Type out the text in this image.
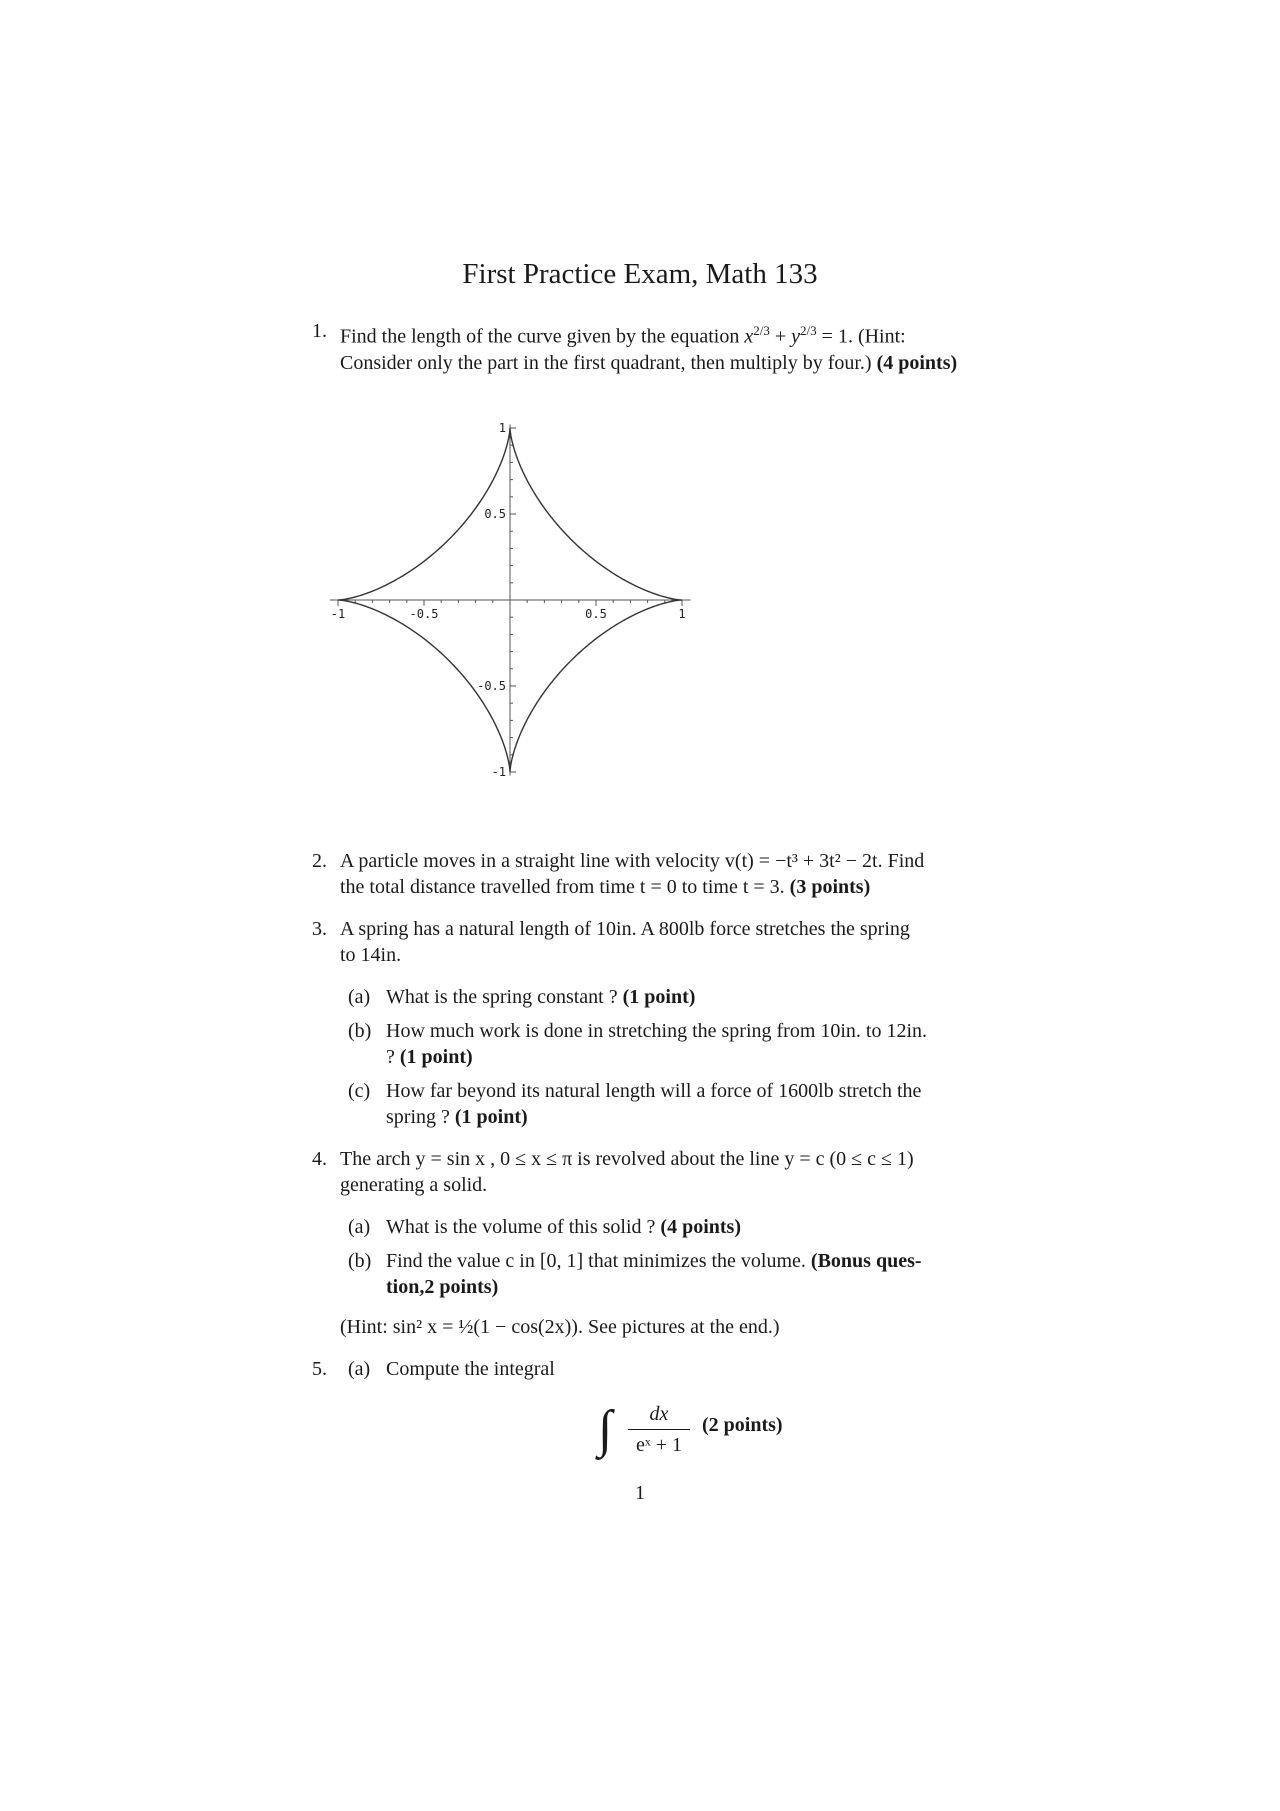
First Practice Exam, Math 133
1. Find the length of the curve given by the equation $x^{2/3} + y^{2/3} = 1$. (Hint:
Consider only the part in the first quadrant, then multiply by four.) (4 points)
-1	-0.5	0.5	1
1
0.5
-0.5
-1
2. A particle moves in a straight line with velocity v(t) = −t³ + 3t² − 2t. Find
the total distance travelled from time t = 0 to time t = 3. (3 points)
3. A spring has a natural length of 10in. A 800lb force stretches the spring
to 14in.
(a) What is the spring constant ? (1 point)
(b) How much work is done in stretching the spring from 10in. to 12in.
? (1 point)
(c) How far beyond its natural length will a force of 1600lb stretch the
spring ? (1 point)
4. The arch y = sin x , 0 ≤ x ≤ π is revolved about the line y = c (0 ≤ c ≤ 1)
generating a solid.
(a) What is the volume of this solid ? (4 points)
(b) Find the value c in [0, 1] that minimizes the volume. (Bonus ques-
tion,2 points)
(Hint: sin² x = ½(1 − cos(2x)). See pictures at the end.)
5. (a) Compute the integral
∫	dx
eˣ + 1
(2 points)
1
